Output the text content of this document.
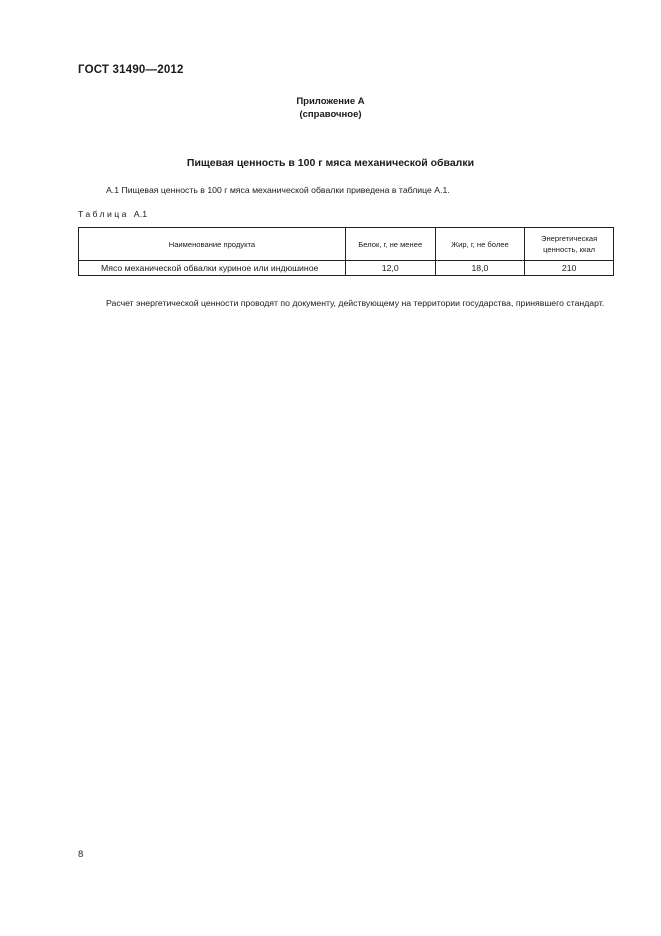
ГОСТ 31490—2012

Приложение А
(справочное)
Пищевая ценность в 100 г мяса механической обвалки

А.1 Пищевая ценность в 100 г мяса механической обвалки приведена в таблице А.1.

Таблица А.1

Наименование продукта	Белок, г, не менее	Жир, г, не более	Энергетическая ценность, ккал
Мясо механической обвалки куриное или индюшиное	12,0	18,0	210

Расчет энергетической ценности проводят по документу, действующему на территории государства, принявшего стандарт.

8
